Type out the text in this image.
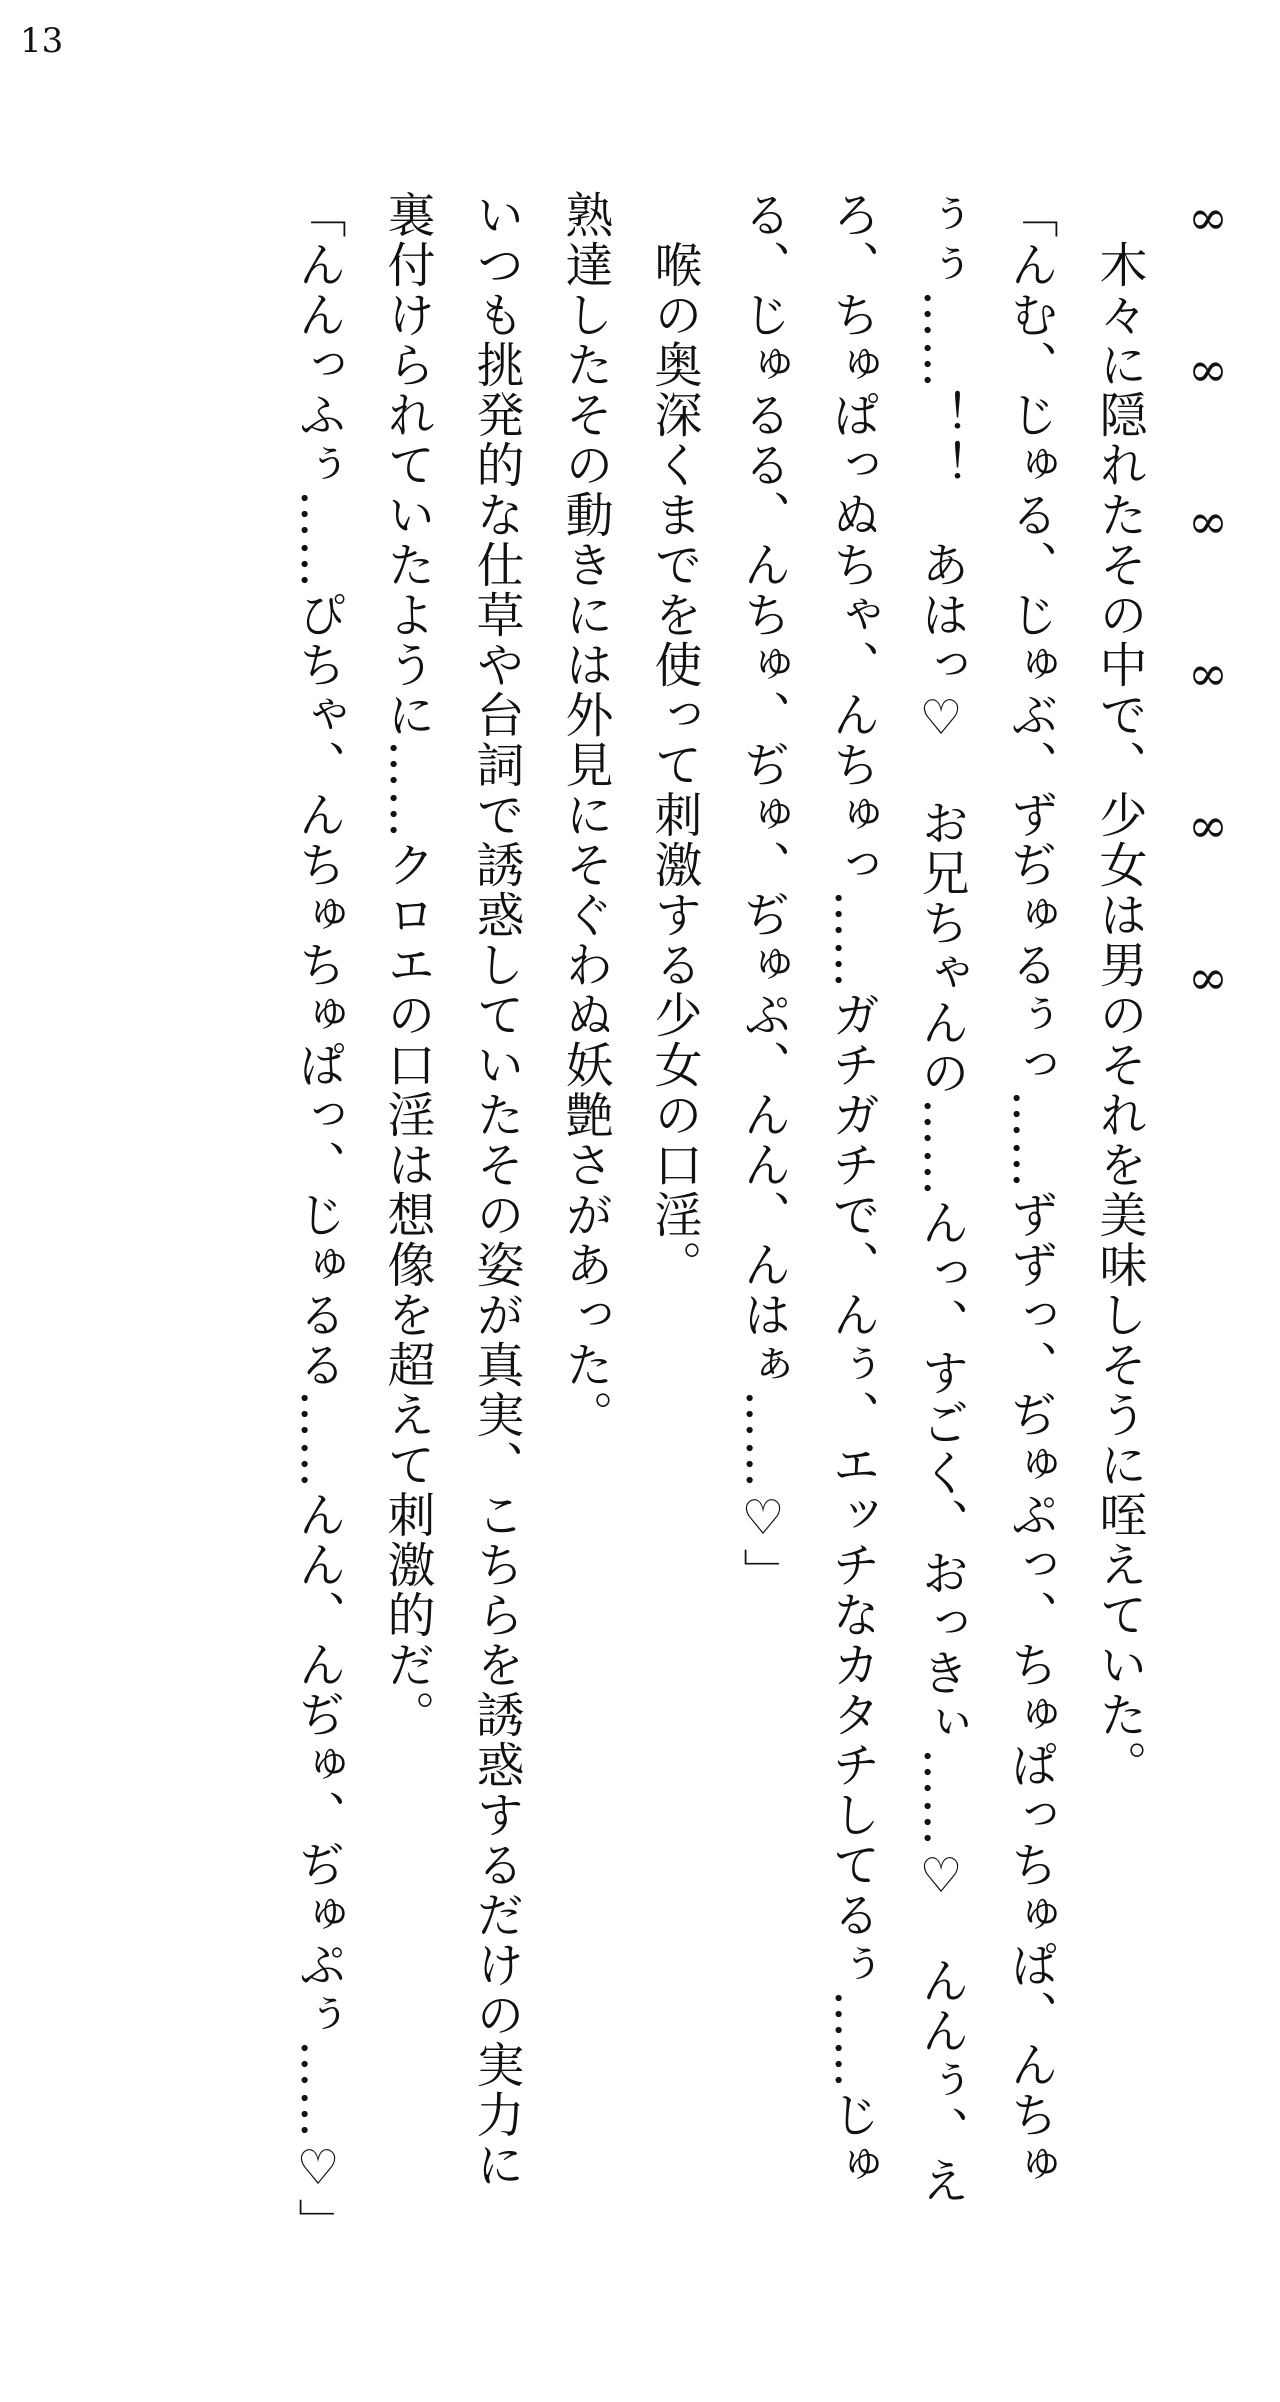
13
∞　　∞　　∞　　∞　　∞　　∞
　木々に隠れたその中で、少女は男のそれを美味しそうに咥えていた。
「んむ、じゅる、じゅぶ、ずぢゅるぅっ……ずずっ、ぢゅぷっ、ちゅぱっちゅぱ、んちゅ
ぅぅ……！！　あはっ♡　お兄ちゃんの……んっ、すごく、おっきぃ……♡　んんぅ、え
ろ、ちゅぱっぬちゃ、んちゅっ……ガチガチで、んぅ、エッチなカタチしてるぅ……じゅ
る、じゅるる、んちゅ、ぢゅ、ぢゅぷ、んん、んはぁ……♡」
　喉の奥深くまでを使って刺激する少女の口淫。
熟達したその動きには外見にそぐわぬ妖艶さがあった。
いつも挑発的な仕草や台詞で誘惑していたその姿が真実、こちらを誘惑するだけの実力に
裏付けられていたように……クロエの口淫は想像を超えて刺激的だ。
「んんっふぅ……ぴちゃ、んちゅちゅぱっ、じゅるる……んん、んぢゅ、ぢゅぷぅ……♡」
